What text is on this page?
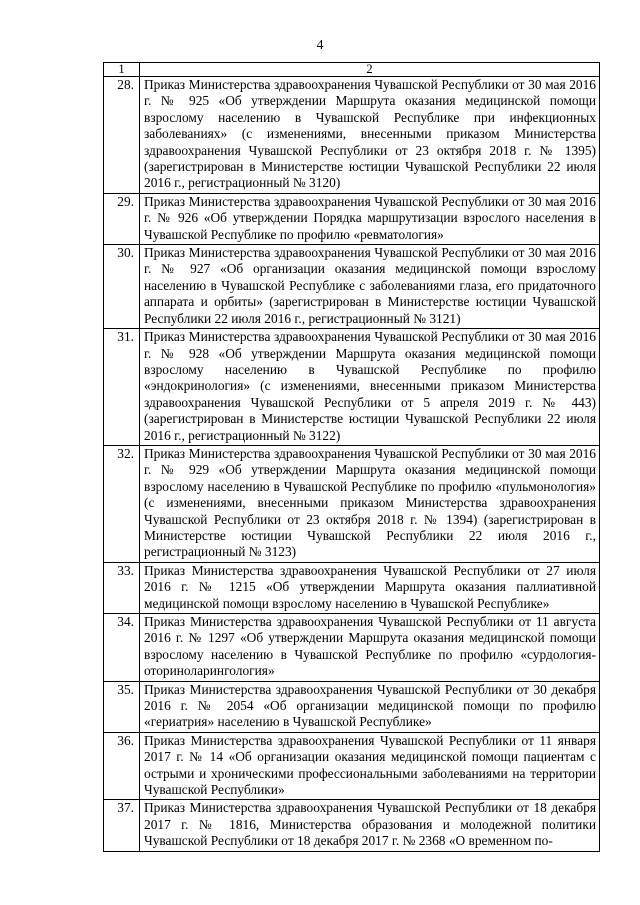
4
1	2
28.	Приказ Министерства здравоохранения Чувашской Республики от 30 мая 2016 г. № 925 «Об утверждении Маршрута оказания медицинской помощи взрослому населению в Чувашской Республике при инфекционных заболеваниях» (с изменениями, внесенными приказом Министерства здравоохранения Чувашской Республики от 23 октября 2018 г. № 1395) (зарегистрирован в Министерстве юстиции Чувашской Республики 22 июля 2016 г., регистрационный № 3120)
29.	Приказ Министерства здравоохранения Чувашской Республики от 30 мая 2016 г. № 926 «Об утверждении Порядка маршрутизации взрослого населения в Чувашской Республике по профилю «ревматология»
30.	Приказ Министерства здравоохранения Чувашской Республики от 30 мая 2016 г. № 927 «Об организации оказания медицинской помощи взрослому населению в Чувашской Республике с заболеваниями глаза, его придаточного аппарата и орбиты» (зарегистрирован в Министерстве юстиции Чувашской Республики 22 июля 2016 г., регистрационный № 3121)
31.	Приказ Министерства здравоохранения Чувашской Республики от 30 мая 2016 г. № 928 «Об утверждении Маршрута оказания медицинской помощи взрослому населению в Чувашской Республике по профилю «эндокринология» (с изменениями, внесенными приказом Министерства здравоохранения Чувашской Республики от 5 апреля 2019 г. № 443) (зарегистрирован в Министерстве юстиции Чувашской Республики 22 июля 2016 г., регистрационный № 3122)
32.	Приказ Министерства здравоохранения Чувашской Республики от 30 мая 2016 г. № 929 «Об утверждении Маршрута оказания медицинской помощи взрослому населению в Чувашской Республике по профилю «пульмонология» (с изменениями, внесенными приказом Министерства здравоохранения Чувашской Республики от 23 октября 2018 г. № 1394) (зарегистрирован в Министерстве юстиции Чувашской Республики 22 июля 2016 г., регистрационный № 3123)
33.	Приказ Министерства здравоохранения Чувашской Республики от 27 июля 2016 г. № 1215 «Об утверждении Маршрута оказания паллиативной медицинской помощи взрослому населению в Чувашской Республике»
34.	Приказ Министерства здравоохранения Чувашской Республики от 11 августа 2016 г. № 1297 «Об утверждении Маршрута оказания медицинской помощи взрослому населению в Чувашской Республике по профилю «сурдология-оториноларингология»
35.	Приказ Министерства здравоохранения Чувашской Республики от 30 декабря 2016 г. № 2054 «Об организации медицинской помощи по профилю «гериатрия» населению в Чувашской Республике»
36.	Приказ Министерства здравоохранения Чувашской Республики от 11 января 2017 г. № 14 «Об организации оказания медицинской помощи пациентам с острыми и хроническими профессиональными заболеваниями на территории Чувашской Республики»
37.	Приказ Министерства здравоохранения Чувашской Республики от 18 декабря 2017 г. № 1816, Министерства образования и молодежной политики Чувашской Республики от 18 декабря 2017 г. № 2368 «О временном по-
